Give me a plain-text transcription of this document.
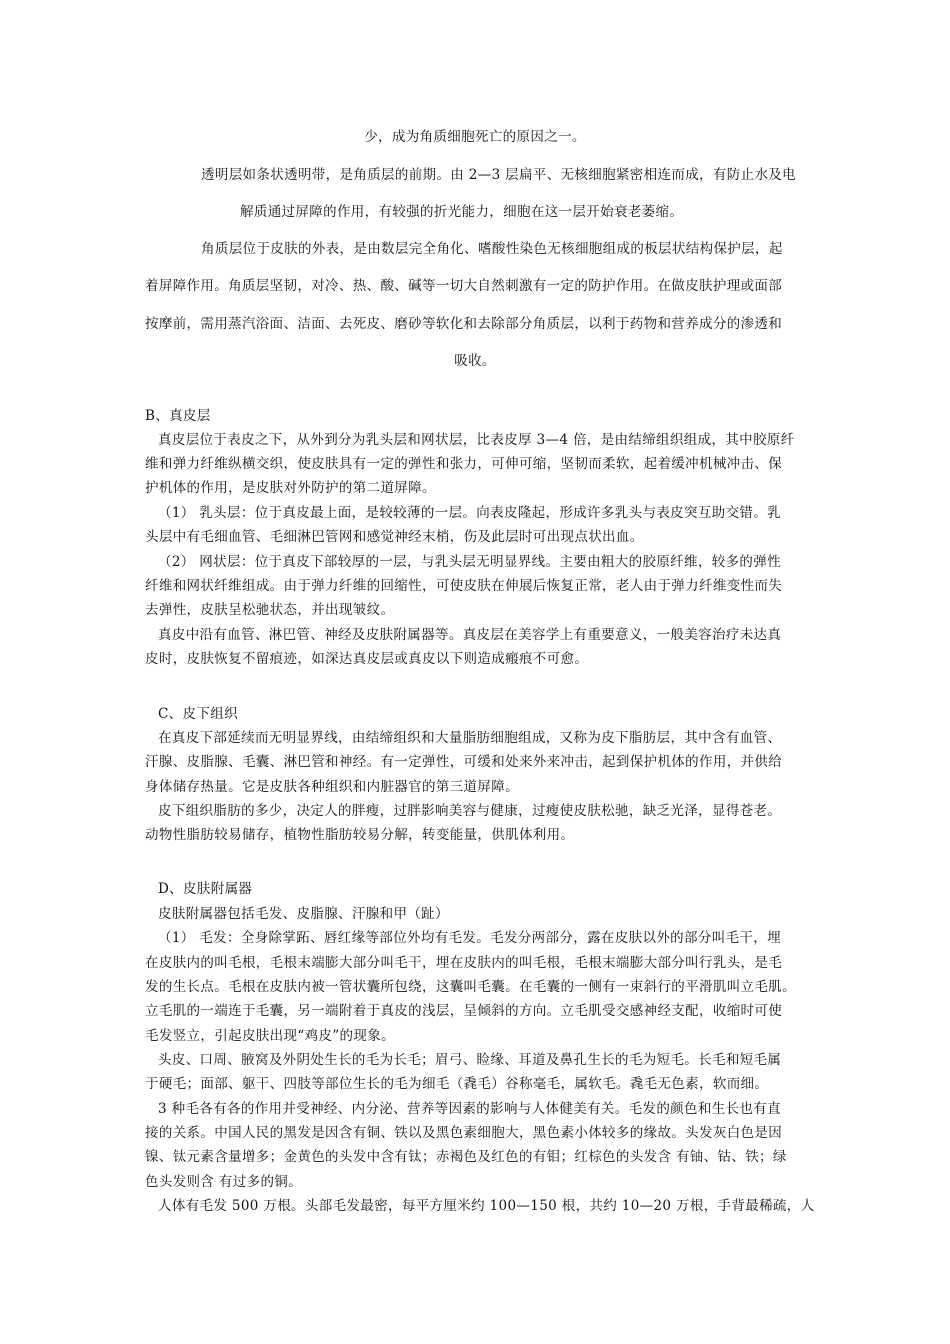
少，成为角质细胞死亡的原因之一。
透明层如条状透明带，是角质层的前期。由 2—3 层扁平、无核细胞紧密相连而成，有防止水及电
解质通过屏障的作用，有较强的折光能力，细胞在这一层开始衰老萎缩。
角质层位于皮肤的外表，是由数层完全角化、嗜酸性染色无核细胞组成的板层状结构保护层，起
着屏障作用。角质层坚韧，对冷、热、酸、碱等一切大自然刺激有一定的防护作用。在做皮肤护理或面部
按摩前，需用蒸汽浴面、洁面、去死皮、磨砂等软化和去除部分角质层，以利于药物和营养成分的渗透和
吸收。
B、真皮层
真皮层位于表皮之下，从外到分为乳头层和网状层，比表皮厚 3—4 倍，是由结缔组织组成，其中胶原纤
维和弹力纤维纵横交织，使皮肤具有一定的弹性和张力，可伸可缩，坚韧而柔软，起着缓冲机械冲击、保
护机体的作用，是皮肤对外防护的第二道屏障。
（1） 乳头层：位于真皮最上面，是较较薄的一层。向表皮隆起，形成许多乳头与表皮突互助交错。乳
头层中有毛细血管、毛细淋巴管网和感觉神经末梢，伤及此层时可出现点状出血。
（2） 网状层：位于真皮下部较厚的一层，与乳头层无明显界线。主要由粗大的胶原纤维，较多的弹性
纤维和网状纤维组成。由于弹力纤维的回缩性，可使皮肤在伸展后恢复正常，老人由于弹力纤维变性而失
去弹性，皮肤呈松驰状态，并出现皱纹。
真皮中沿有血管、淋巴管、神经及皮肤附属器等。真皮层在美容学上有重要意义，一般美容治疗未达真
皮时，皮肤恢复不留痕迹，如深达真皮层或真皮以下则造成瘢痕不可愈。
C、皮下组织
在真皮下部延续而无明显界线，由结缔组织和大量脂肪细胞组成，又称为皮下脂肪层，其中含有血管、
汗腺、皮脂腺、毛囊、淋巴管和神经。有一定弹性，可缓和处来外来冲击，起到保护机体的作用，并供给
身体储存热量。它是皮肤各种组织和内脏器官的第三道屏障。
皮下组织脂肪的多少，决定人的胖瘦，过胖影响美容与健康，过瘦使皮肤松驰，缺乏光泽，显得苍老。
动物性脂肪较易储存，植物性脂肪较易分解，转变能量，供肌体利用。
D、皮肤附属器
皮肤附属器包括毛发、皮脂腺、汗腺和甲（趾）
（1） 毛发：全身除掌跖、唇红缘等部位外均有毛发。毛发分两部分，露在皮肤以外的部分叫毛干，埋
在皮肤内的叫毛根，毛根末端膨大部分叫毛干，埋在皮肤内的叫毛根，毛根末端膨大部分叫行乳头，是毛
发的生长点。毛根在皮肤内被一管状囊所包绕，这囊叫毛囊。在毛囊的一侧有一束斜行的平滑肌叫立毛肌。
立毛肌的一端连于毛囊，另一端附着于真皮的浅层，呈倾斜的方向。立毛肌受交感神经支配，收缩时可使
毛发竖立，引起皮肤出现“鸡皮”的现象。
头皮、口周、腋窝及外阴处生长的毛为长毛；眉弓、睑缘、耳道及鼻孔生长的毛为短毛。长毛和短毛属
于硬毛；面部、躯干、四肢等部位生长的毛为细毛（毳毛）谷称毫毛，属软毛。毳毛无色素，软而细。
3 种毛各有各的作用并受神经、内分泌、营养等因素的影响与人体健美有关。毛发的颜色和生长也有直
接的关系。中国人民的黑发是因含有铜、铁以及黑色素细胞大，黑色素小体较多的缘故。头发灰白色是因
镍、钛元素含量增多；金黄色的头发中含有钛；赤褐色及红色的有钼；红棕色的头发含 有铀、钴、铁；绿
色头发则含 有过多的铜。
人体有毛发 500 万根。头部毛发最密，每平方厘米约 100—150 根，共约 10—20 万根，手背最稀疏，人
